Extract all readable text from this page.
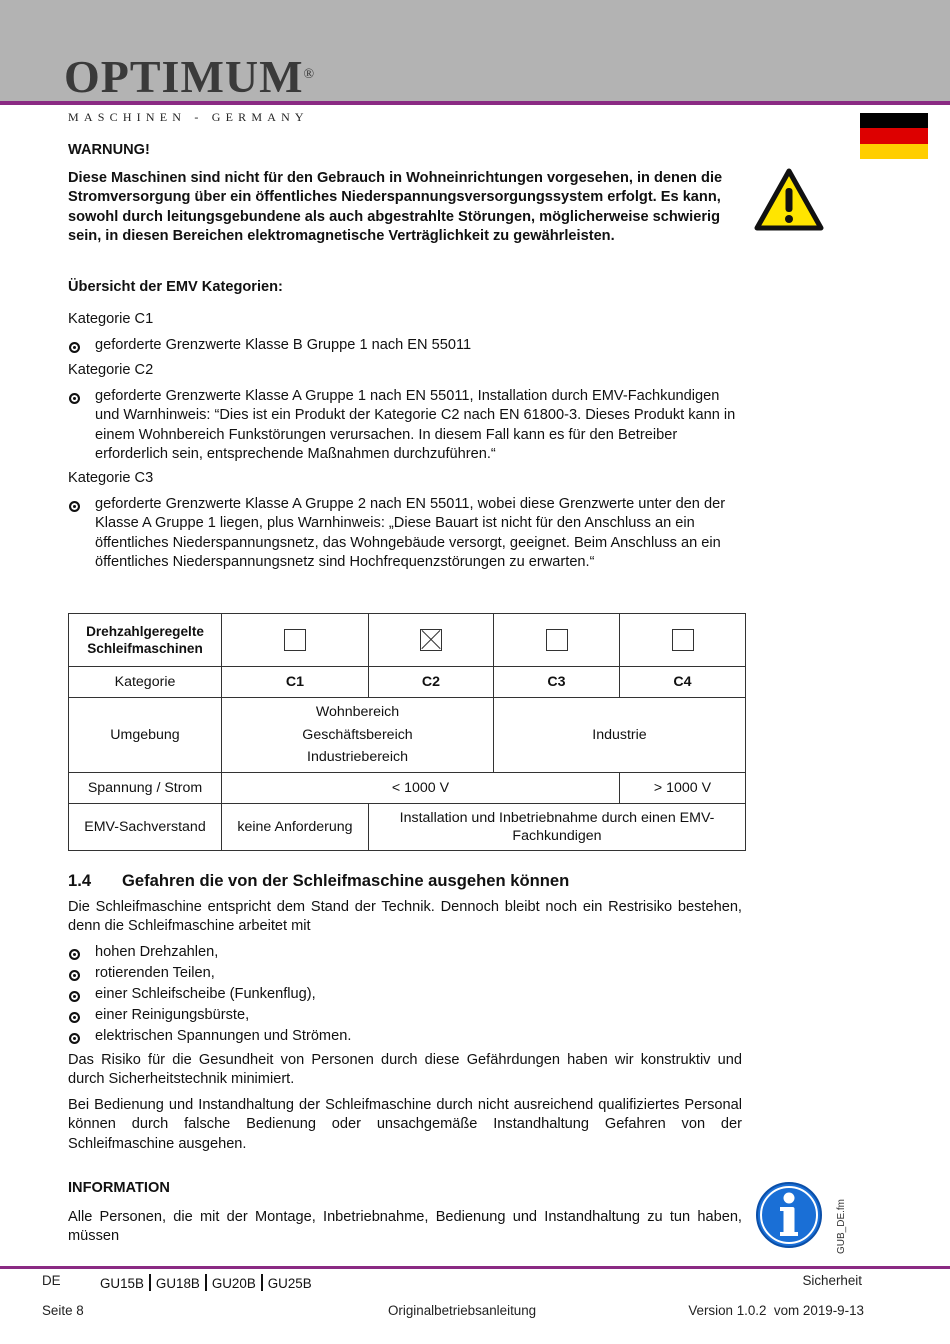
OPTIMUM®
MASCHINEN - GERMANY
WARNUNG!
Diese Maschinen sind nicht für den Gebrauch in Wohneinrichtungen vorgesehen, in denen die Stromversorgung über ein öffentliches Niederspannungsversorgungssystem erfolgt. Es kann, sowohl durch leitungsgebundene als auch abgestrahlte Störungen, möglicherweise schwierig sein, in diesen Bereichen elektromagnetische Verträglichkeit zu gewährleisten.
Übersicht der EMV Kategorien:
Kategorie C1
geforderte Grenzwerte Klasse B Gruppe 1 nach EN 55011
Kategorie C2
geforderte Grenzwerte Klasse A Gruppe 1 nach EN 55011, Installation durch EMV-Fachkundigen und Warnhinweis: “Dies ist ein Produkt der Kategorie C2 nach EN 61800-3. Dieses Produkt kann in einem Wohnbereich Funkstörungen verursachen. In diesem Fall kann es für den Betreiber erforderlich sein, entsprechende Maßnahmen durchzuführen.“
Kategorie C3
geforderte Grenzwerte Klasse A Gruppe 2 nach EN 55011, wobei diese Grenzwerte unter den der Klasse A Gruppe 1 liegen, plus Warnhinweis: „Diese Bauart ist nicht für den Anschluss an ein öffentliches Niederspannungsnetz, das Wohngebäude versorgt, geeignet. Beim Anschluss an ein öffentliches Niederspannungsnetz sind Hochfrequenzstörungen zu erwarten.“
Drehzahlgeregelte
Schleifmaschinen				
Kategorie	C1	C2	C3	C4
Umgebung	Wohnbereich
Geschäftsbereich
Industriebereich		Industrie	
Spannung / Strom	< 1000 V			> 1000 V
EMV-Sachverstand	keine Anforderung	Installation und Inbetriebnahme durch einen EMV-Fachkundigen		
1.4 Gefahren die von der Schleifmaschine ausgehen können
Die Schleifmaschine entspricht dem Stand der Technik. Dennoch bleibt noch ein Restrisiko bestehen, denn die Schleifmaschine arbeitet mit
hohen Drehzahlen,
rotierenden Teilen,
einer Schleifscheibe (Funkenflug),
einer Reinigungsbürste,
elektrischen Spannungen und Strömen.
Das Risiko für die Gesundheit von Personen durch diese Gefährdungen haben wir konstruktiv und durch Sicherheitstechnik minimiert.
Bei Bedienung und Instandhaltung der Schleifmaschine durch nicht ausreichend qualifiziertes Personal können durch falsche Bedienung oder unsachgemäße Instandhaltung Gefahren von der Schleifmaschine ausgehen.
INFORMATION
Alle Personen, die mit der Montage, Inbetriebnahme, Bedienung und Instandhaltung zu tun haben, müssen	GUB_DE.fm
DE	GU15B GU18B GU20B GU25B	Sicherheit
Seite 8	Originalbetriebsanleitung	Version 1.0.2  vom 2019-9-13
